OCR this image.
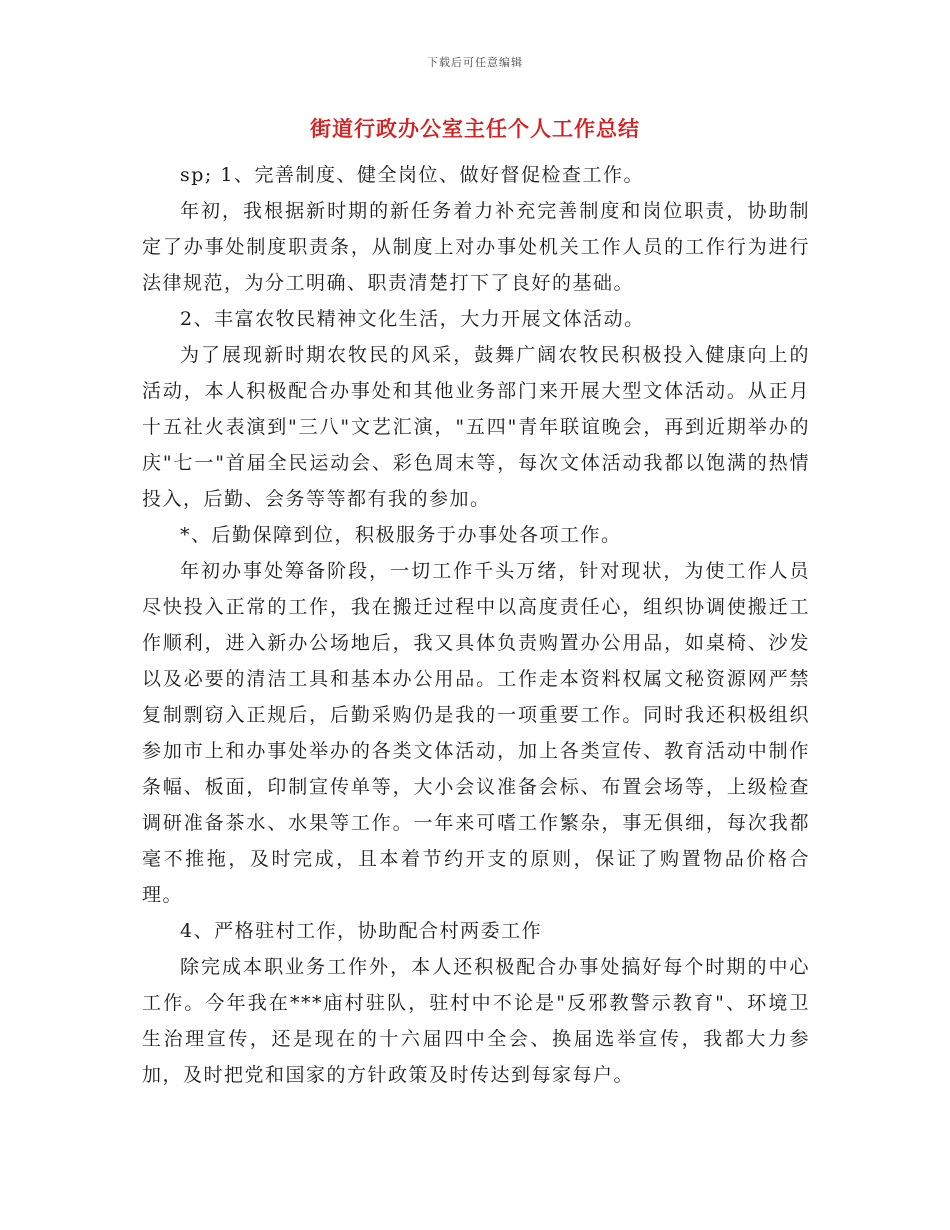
下载后可任意编辑
街道行政办公室主任个人工作总结

sp; 1、完善制度、健全岗位、做好督促检查工作。

年初，我根据新时期的新任务着力补充完善制度和岗位职责，协助制定了办事处制度职责条，从制度上对办事处机关工作人员的工作行为进行法律规范，为分工明确、职责清楚打下了良好的基础。

2、丰富农牧民精神文化生活，大力开展文体活动。

为了展现新时期农牧民的风采，鼓舞广阔农牧民积极投入健康向上的活动，本人积极配合办事处和其他业务部门来开展大型文体活动。从正月十五社火表演到"三八"文艺汇演，"五四"青年联谊晚会，再到近期举办的庆"七一"首届全民运动会、彩色周末等，每次文体活动我都以饱满的热情投入，后勤、会务等等都有我的参加。

*、后勤保障到位，积极服务于办事处各项工作。

年初办事处筹备阶段，一切工作千头万绪，针对现状，为使工作人员尽快投入正常的工作，我在搬迁过程中以高度责任心，组织协调使搬迁工作顺利，进入新办公场地后，我又具体负责购置办公用品，如桌椅、沙发以及必要的清洁工具和基本办公用品。工作走本资料权属文秘资源网严禁复制剽窃入正规后，后勤采购仍是我的一项重要工作。同时我还积极组织参加市上和办事处举办的各类文体活动，加上各类宣传、教育活动中制作条幅、板面，印制宣传单等，大小会议准备会标、布置会场等，上级检查调研准备茶水、水果等工作。一年来可嗜工作繁杂，事无俱细，每次我都毫不推拖，及时完成，且本着节约开支的原则，保证了购置物品价格合理。

4、严格驻村工作，协助配合村两委工作

除完成本职业务工作外，本人还积极配合办事处搞好每个时期的中心工作。今年我在***庙村驻队，驻村中不论是"反邪教警示教育"、环境卫生治理宣传，还是现在的十六届四中全会、换届选举宣传，我都大力参加，及时把党和国家的方针政策及时传达到每家每户。
